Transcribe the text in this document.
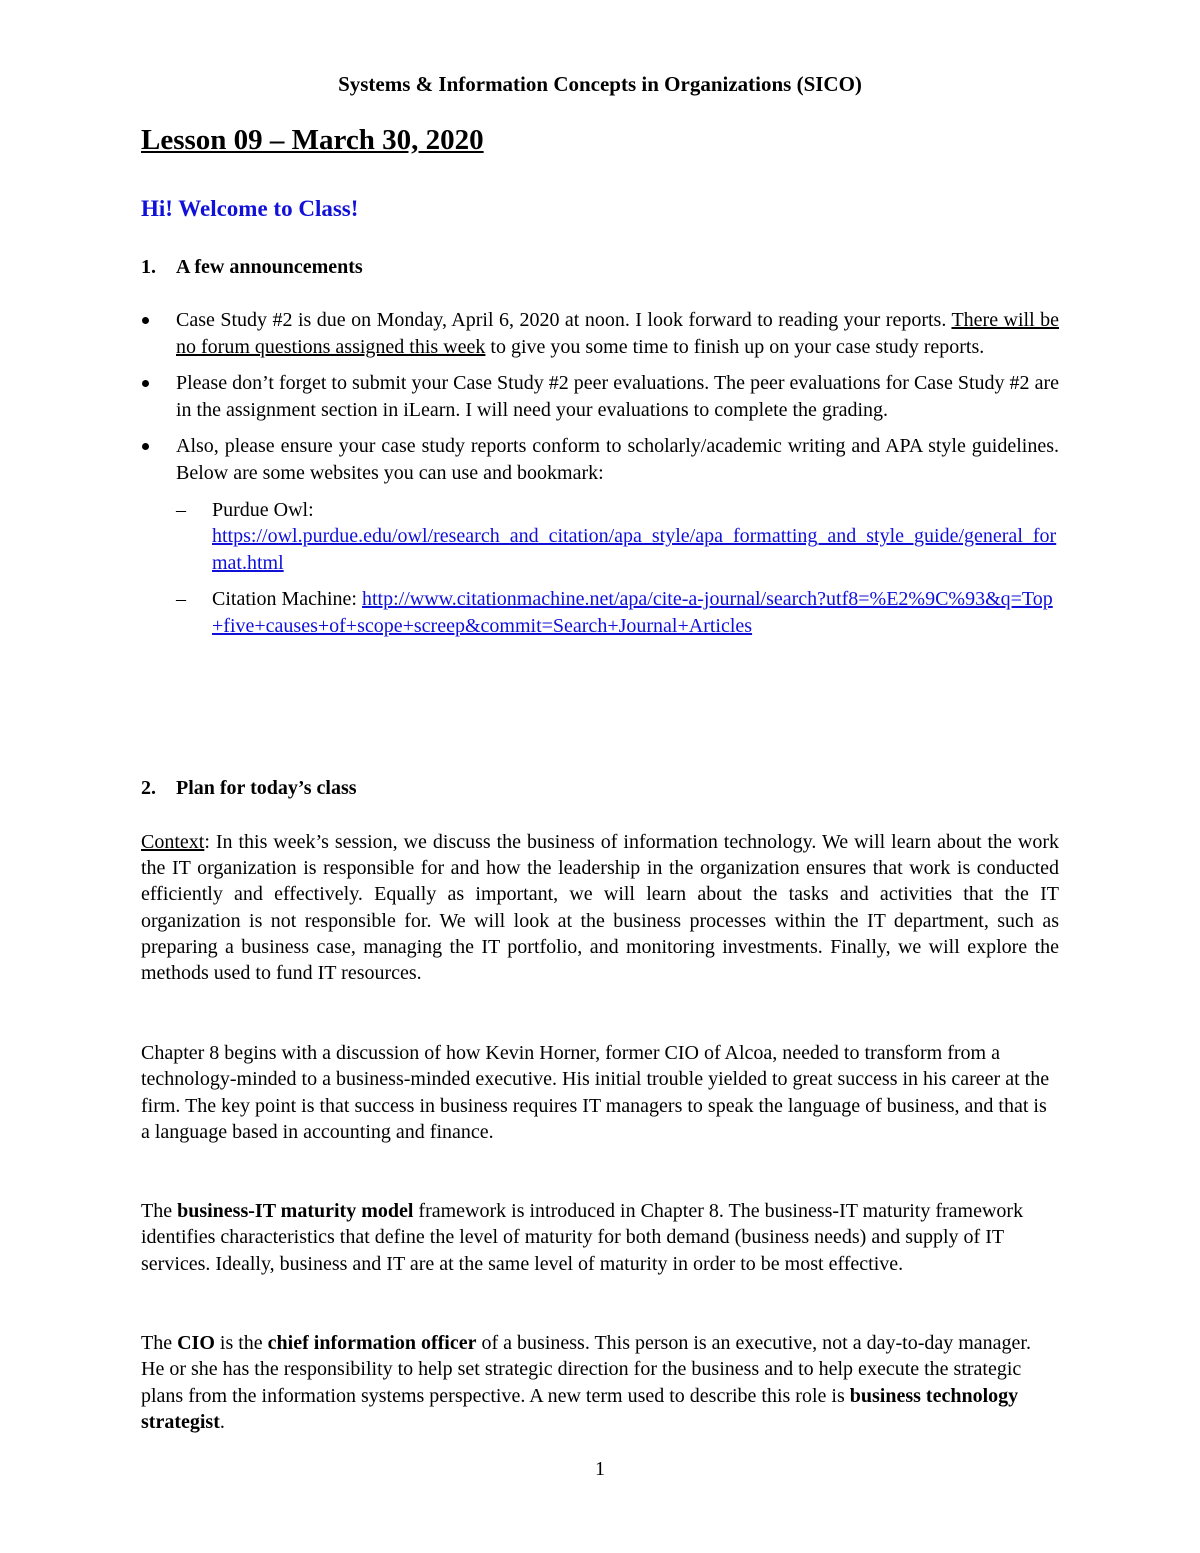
Systems & Information Concepts in Organizations (SICO)
Lesson 09 – March 30, 2020
Hi! Welcome to Class!
1. A few announcements
Case Study #2 is due on Monday, April 6, 2020 at noon. I look forward to reading your reports. There will be no forum questions assigned this week to give you some time to finish up on your case study reports.
Please don’t forget to submit your Case Study #2 peer evaluations. The peer evaluations for Case Study #2 are in the assignment section in iLearn. I will need your evaluations to complete the grading.
Also, please ensure your case study reports conform to scholarly/academic writing and APA style guidelines. Below are some websites you can use and bookmark:
– Purdue Owl:
https://owl.purdue.edu/owl/research_and_citation/apa_style/apa_formatting_and_style_guide/general_format.html
– Citation Machine: http://www.citationmachine.net/apa/cite-a-journal/search?utf8=%E2%9C%93&q=Top+five+causes+of+scope+screep&commit=Search+Journal+Articles
2. Plan for today’s class

Context: In this week’s session, we discuss the business of information technology. We will learn about the work the IT organization is responsible for and how the leadership in the organization ensures that work is conducted efficiently and effectively. Equally as important, we will learn about the tasks and activities that the IT organization is not responsible for. We will look at the business processes within the IT department, such as preparing a business case, managing the IT portfolio, and monitoring investments. Finally, we will explore the methods used to fund IT resources.

Chapter 8 begins with a discussion of how Kevin Horner, former CIO of Alcoa, needed to transform from a technology-minded to a business-minded executive. His initial trouble yielded to great success in his career at the firm. The key point is that success in business requires IT managers to speak the language of business, and that is a language based in accounting and finance.

The business-IT maturity model framework is introduced in Chapter 8. The business-IT maturity framework identifies characteristics that define the level of maturity for both demand (business needs) and supply of IT services. Ideally, business and IT are at the same level of maturity in order to be most effective.

The CIO is the chief information officer of a business. This person is an executive, not a day-to-day manager. He or she has the responsibility to help set strategic direction for the business and to help execute the strategic plans from the information systems perspective. A new term used to describe this role is business technology strategist.

1
